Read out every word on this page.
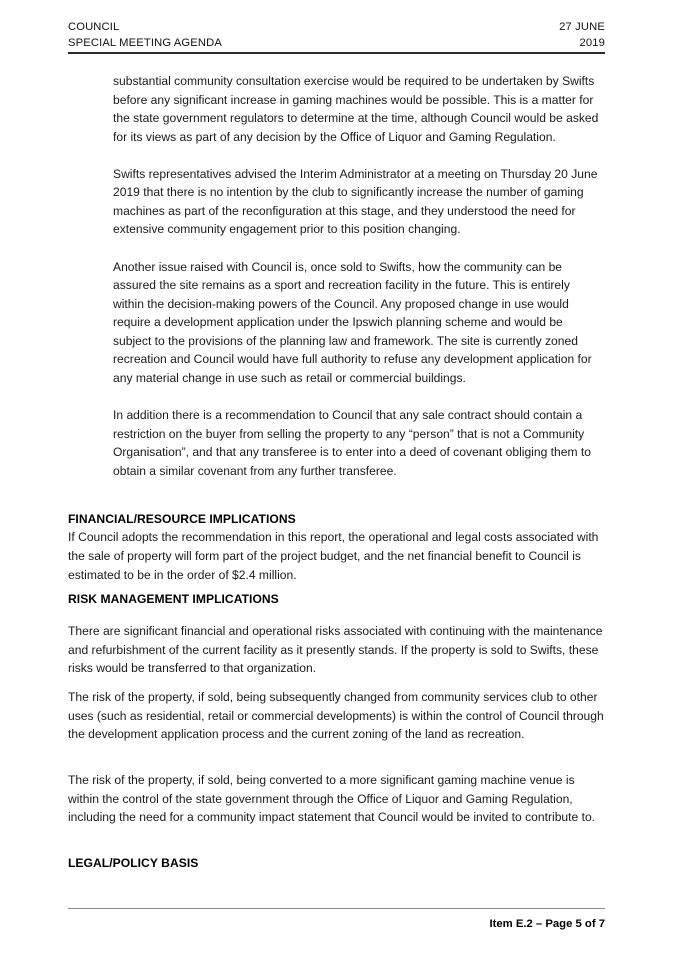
COUNCIL	27 JUNE
SPECIAL MEETING AGENDA	2019

substantial community consultation exercise would be required to be undertaken by Swifts before any significant increase in gaming machines would be possible. This is a matter for the state government regulators to determine at the time, although Council would be asked for its views as part of any decision by the Office of Liquor and Gaming Regulation.

Swifts representatives advised the Interim Administrator at a meeting on Thursday 20 June 2019 that there is no intention by the club to significantly increase the number of gaming machines as part of the reconfiguration at this stage, and they understood the need for extensive community engagement prior to this position changing.

Another issue raised with Council is, once sold to Swifts, how the community can be assured the site remains as a sport and recreation facility in the future. This is entirely within the decision-making powers of the Council. Any proposed change in use would require a development application under the Ipswich planning scheme and would be subject to the provisions of the planning law and framework. The site is currently zoned recreation and Council would have full authority to refuse any development application for any material change in use such as retail or commercial buildings.

In addition there is a recommendation to Council that any sale contract should contain a restriction on the buyer from selling the property to any “person” that is not a Community Organisation”, and that any transferee is to enter into a deed of covenant obliging them to obtain a similar covenant from any further transferee.

FINANCIAL/RESOURCE IMPLICATIONS

If Council adopts the recommendation in this report, the operational and legal costs associated with the sale of property will form part of the project budget, and the net financial benefit to Council is estimated to be in the order of $2.4 million.

RISK MANAGEMENT IMPLICATIONS

There are significant financial and operational risks associated with continuing with the maintenance and refurbishment of the current facility as it presently stands. If the property is sold to Swifts, these risks would be transferred to that organization.

The risk of the property, if sold, being subsequently changed from community services club to other uses (such as residential, retail or commercial developments) is within the control of Council through the development application process and the current zoning of the land as recreation.

The risk of the property, if sold, being converted to a more significant gaming machine venue is within the control of the state government through the Office of Liquor and Gaming Regulation, including the need for a community impact statement that Council would be invited to contribute to.

LEGAL/POLICY BASIS
Item E.2 – Page 5 of 7
